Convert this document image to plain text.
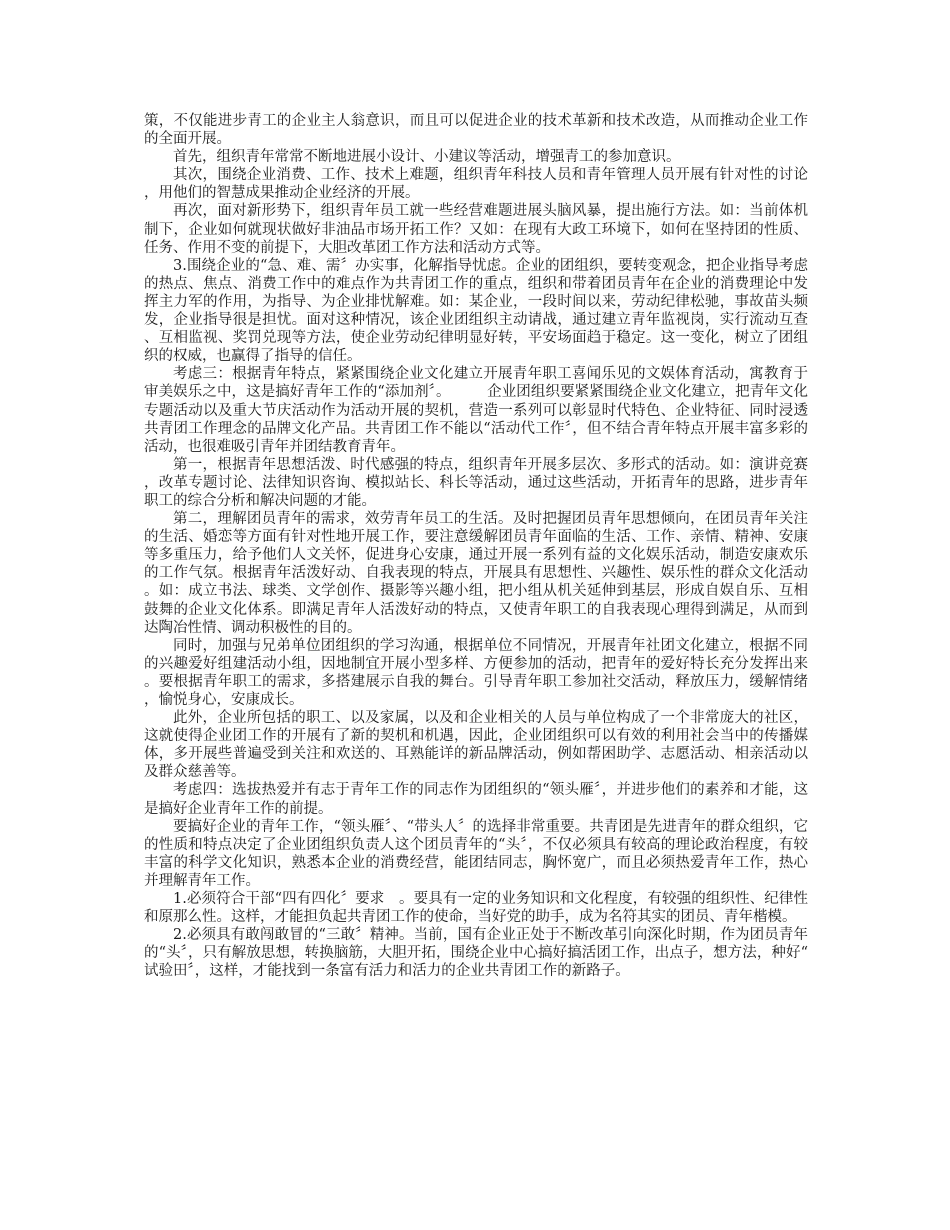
策，不仅能进步青工的企业主人翁意识，而且可以促进企业的技术革新和技术改造，从而推动企业工作的全面开展。

首先，组织青年常常不断地进展小设计、小建议等活动，增强青工的参加意识。

其次，围绕企业消费、工作、技术上难题，组织青年科技人员和青年管理人员开展有针对性的讨论，用他们的智慧成果推动企业经济的开展。

再次，面对新形势下，组织青年员工就一些经营难题进展头脑风暴，提出施行方法。如：当前体机制下，企业如何就现状做好非油品市场开拓工作？又如：在现有大政工环境下，如何在坚持团的性质、任务、作用不变的前提下，大胆改革团工作方法和活动方式等。

3.围绕企业的“急、难、需〞办实事，化解指导忧虑。企业的团组织，要转变观念，把企业指导考虑的热点、焦点、消费工作中的难点作为共青团工作的重点，组织和带着团员青年在企业的消费理论中发挥主力军的作用，为指导、为企业排忧解难。如：某企业，一段时间以来，劳动纪律松驰，事故苗头频发，企业指导很是担忧。面对这种情况，该企业团组织主动请战，通过建立青年监视岗，实行流动互查、互相监视、奖罚兑现等方法，使企业劳动纪律明显好转，平安场面趋于稳定。这一变化，树立了团组织的权威，也赢得了指导的信任。

考虑三：根据青年特点，紧紧围绕企业文化建立开展青年职工喜闻乐见的文娱体育活动，寓教育于审美娱乐之中，这是搞好青年工作的“添加剂〞。　　　企业团组织要紧紧围绕企业文化建立，把青年文化专题活动以及重大节庆活动作为活动开展的契机，营造一系列可以彰显时代特色、企业特征、同时浸透共青团工作理念的品牌文化产品。共青团工作不能以“活动代工作〞，但不结合青年特点开展丰富多彩的活动，也很难吸引青年并团结教育青年。

第一，根据青年思想活泼、时代感强的特点，组织青年开展多层次、多形式的活动。如：演讲竞赛，改革专题讨论、法律知识咨询、模拟站长、科长等活动，通过这些活动，开拓青年的思路，进步青年职工的综合分析和解决问题的才能。

第二，理解团员青年的需求，效劳青年员工的生活。及时把握团员青年思想倾向，在团员青年关注的生活、婚恋等方面有针对性地开展工作，要注意缓解团员青年面临的生活、工作、亲情、精神、安康等多重压力，给予他们人文关怀，促进身心安康，通过开展一系列有益的文化娱乐活动，制造安康欢乐的工作气氛。根据青年活泼好动、自我表现的特点，开展具有思想性、兴趣性、娱乐性的群众文化活动。如：成立书法、球类、文学创作、摄影等兴趣小组，把小组从机关延伸到基层，形成自娱自乐、互相鼓舞的企业文化体系。即满足青年人活泼好动的特点，又使青年职工的自我表现心理得到满足，从而到达陶冶性情、调动积极性的目的。

同时，加强与兄弟单位团组织的学习沟通，根据单位不同情况，开展青年社团文化建立，根据不同的兴趣爱好组建活动小组，因地制宜开展小型多样、方便参加的活动，把青年的爱好特长充分发挥出来。要根据青年职工的需求，多搭建展示自我的舞台。引导青年职工参加社交活动，释放压力，缓解情绪，愉悦身心，安康成长。

此外，企业所包括的职工、以及家属，以及和企业相关的人员与单位构成了一个非常庞大的社区，这就使得企业团工作的开展有了新的契机和机遇，因此，企业团组织可以有效的利用社会当中的传播媒体，多开展些普遍受到关注和欢送的、耳熟能详的新品牌活动，例如帮困助学、志愿活动、相亲活动以及群众慈善等。

考虑四：选拔热爱并有志于青年工作的同志作为团组织的“领头雁〞，并进步他们的素养和才能，这是搞好企业青年工作的前提。

要搞好企业的青年工作，“领头雁〞、“带头人〞的选择非常重要。共青团是先进青年的群众组织，它的性质和特点决定了企业团组织负责人这个团员青年的“头〞，不仅必须具有较高的理论政治程度，有较丰富的科学文化知识，熟悉本企业的消费经营，能团结同志，胸怀宽广，而且必须热爱青年工作，热心并理解青年工作。

1.必须符合干部“四有四化〞要求　。要具有一定的业务知识和文化程度，有较强的组织性、纪律性和原那么性。这样，才能担负起共青团工作的使命，当好党的助手，成为名符其实的团员、青年楷模。

2.必须具有敢闯敢冒的“三敢〞精神。当前，国有企业正处于不断改革引向深化时期，作为团员青年的“头〞，只有解放思想，转换脑筋，大胆开拓，围绕企业中心搞好搞活团工作，出点子，想方法，种好“试验田〞，这样，才能找到一条富有活力和活力的企业共青团工作的新路子。
